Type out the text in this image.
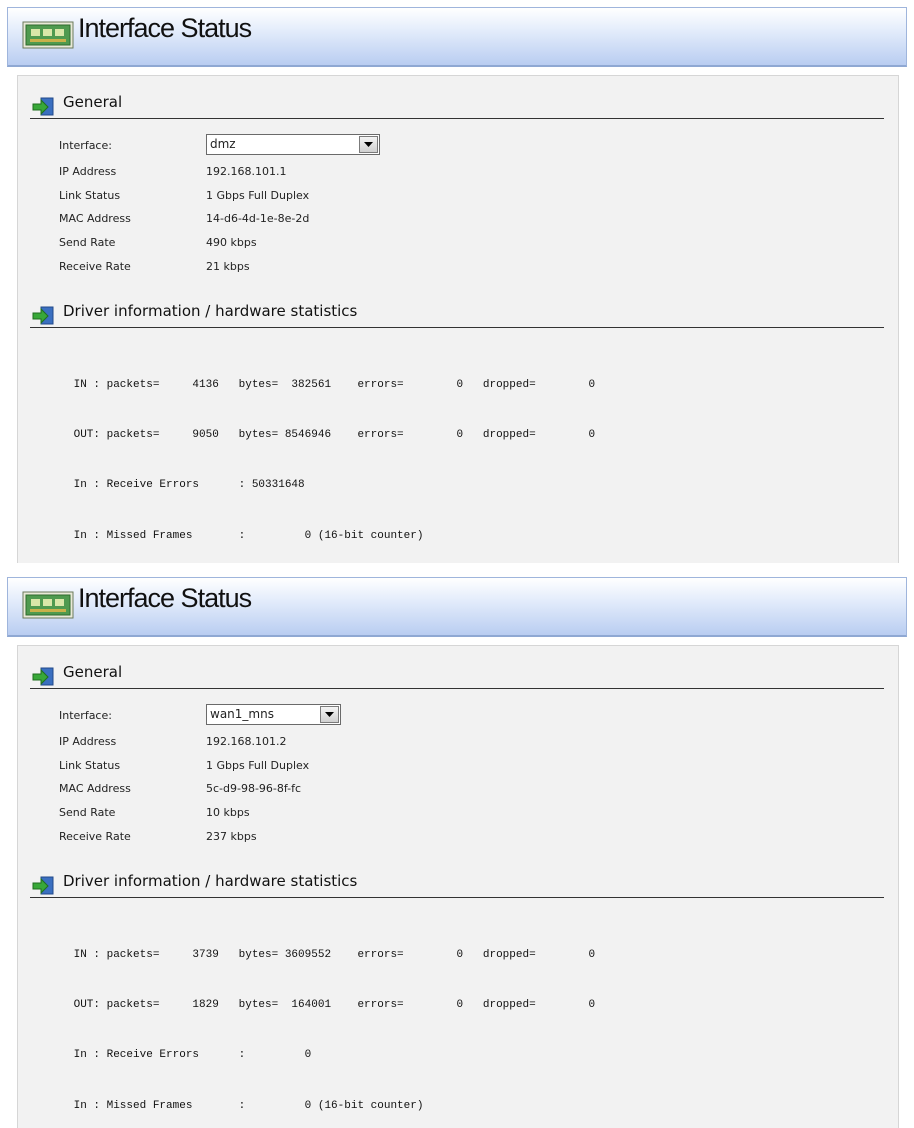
Interface Status
General
Interface:	dmz
IP Address	192.168.101.1
Link Status	1 Gbps Full Duplex
MAC Address	14-d6-4d-1e-8e-2d
Send Rate	490 kbps
Receive Rate	21 kbps
Driver information / hardware statistics

IN : packets=     4136   bytes=  382561    errors=        0   dropped=        0

OUT: packets=     9050   bytes= 8546946    errors=        0   dropped=        0

In : Receive Errors      : 50331648

In : Missed Frames       :         0 (16-bit counter)

Interface Status
General
Interface:	wan1_mns
IP Address	192.168.101.2
Link Status	1 Gbps Full Duplex
MAC Address	5c-d9-98-96-8f-fc
Send Rate	10 kbps
Receive Rate	237 kbps
Driver information / hardware statistics

IN : packets=     3739   bytes= 3609552    errors=        0   dropped=        0

OUT: packets=     1829   bytes=  164001    errors=        0   dropped=        0

In : Receive Errors      :         0

In : Missed Frames       :         0 (16-bit counter)
